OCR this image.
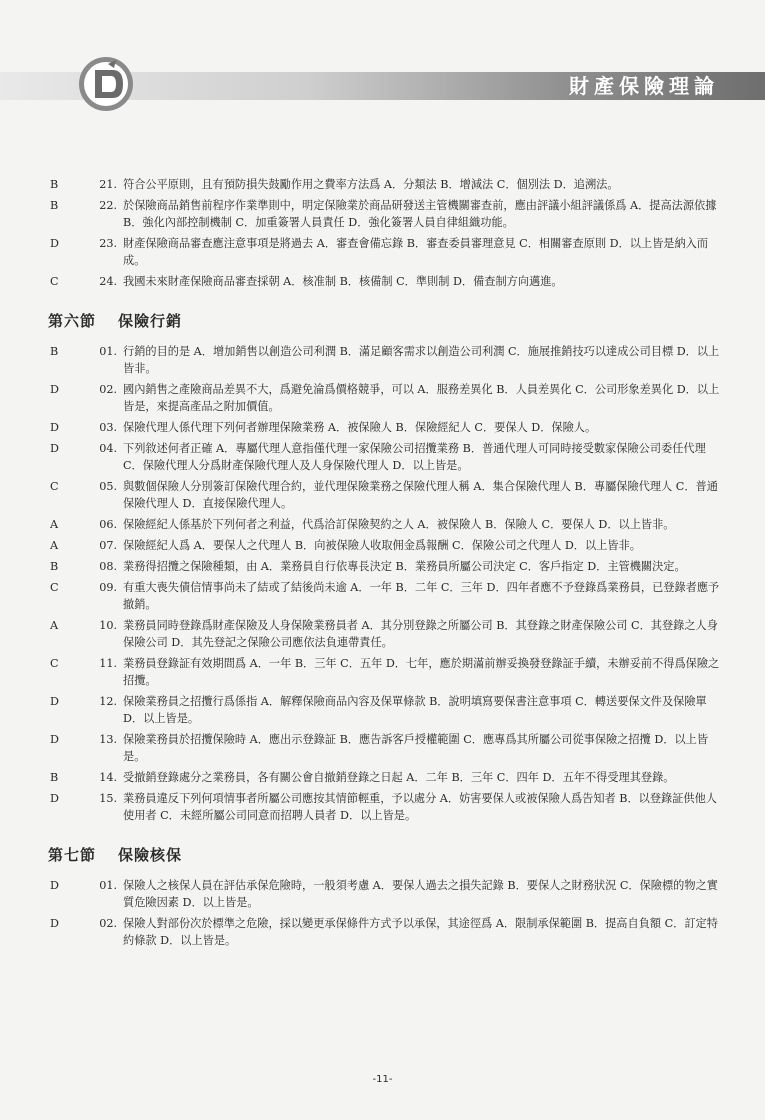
財產保險理論
B	21. 符合公平原則，且有預防損失鼓勵作用之費率方法爲 A．分類法 B．增減法 C．個別法 D．追溯法。
B	22. 於保險商品銷售前程序作業準則中，明定保險業於商品研發送主管機關審查前，應由評議小組評議係爲 A．提高法源依據 B．強化內部控制機制 C．加重簽署人員責任 D．強化簽署人員自律組織功能。
D	23. 財產保險商品審查應注意事項是將過去 A．審查會備忘錄 B．審查委員審理意見 C．相關審查原則 D．以上皆是納入而成。
C	24. 我國未來財產保險商品審查採朝 A．核准制 B．核備制 C．準則制 D．備查制方向邁進。
第六節 保險行銷
B	01. 行銷的目的是 A．增加銷售以創造公司利潤 B．滿足顧客需求以創造公司利潤 C．施展推銷技巧以達成公司目標 D．以上皆非。
D	02. 國內銷售之產險商品差異不大，爲避免淪爲價格競爭，可以 A．服務差異化 B．人員差異化 C．公司形象差異化 D．以上皆是，來提高產品之附加價值。
D	03. 保險代理人係代理下列何者辦理保險業務 A．被保險人 B．保險經紀人 C．要保人 D．保險人。
D	04. 下列敘述何者正確 A．專屬代理人意指僅代理一家保險公司招攬業務 B．普通代理人可同時接受數家保險公司委任代理 C．保險代理人分爲財產保險代理人及人身保險代理人 D．以上皆是。
C	05. 與數個保險人分別簽訂保險代理合約，並代理保險業務之保險代理人稱 A．集合保險代理人 B．專屬保險代理人 C．普通保險代理人 D．直接保險代理人。
A	06. 保險經紀人係基於下列何者之利益，代爲洽訂保險契約之人 A．被保險人 B．保險人 C．要保人 D．以上皆非。
A	07. 保險經紀人爲 A．要保人之代理人 B．向被保險人收取佣金爲報酬 C．保險公司之代理人 D．以上皆非。
B	08. 業務得招攬之保險種類，由 A．業務員自行依專長決定 B．業務員所屬公司決定 C．客戶指定 D．主管機關決定。
C	09. 有重大喪失債信情事尚未了結或了結後尚未逾 A．一年 B．二年 C．三年 D．四年者應不予登錄爲業務員，已登錄者應予撤銷。
A	10. 業務員同時登錄爲財產保險及人身保險業務員者 A．其分別登錄之所屬公司 B．其登錄之財產保險公司 C．其登錄之人身保險公司 D．其先登記之保險公司應依法負連帶責任。
C	11. 業務員登錄証有效期間爲 A．一年 B．三年 C．五年 D．七年，應於期滿前辦妥換發登錄証手續，未辦妥前不得爲保險之招攬。
D	12. 保險業務員之招攬行爲係指 A．解釋保險商品內容及保單條款 B．說明填寫要保書注意事項 C．轉送要保文件及保險單 D．以上皆是。
D	13. 保險業務員於招攬保險時 A．應出示登錄証 B．應告訴客戶授權範圍 C．應專爲其所屬公司從事保險之招攬 D．以上皆是。
B	14. 受撤銷登錄處分之業務員，各有關公會自撤銷登錄之日起 A．二年 B．三年 C．四年 D．五年不得受理其登錄。
D	15. 業務員違反下列何項情事者所屬公司應按其情節輕重，予以處分 A．妨害要保人或被保險人爲告知者 B．以登錄証供他人使用者 C．未經所屬公司同意而招聘人員者 D．以上皆是。
第七節 保險核保
D	01. 保險人之核保人員在評估承保危險時，一般須考慮 A．要保人過去之損失記錄 B．要保人之財務狀況 C．保險標的物之實質危險因素 D．以上皆是。
D	02. 保險人對部份次於標準之危險，採以變更承保條件方式予以承保，其途徑爲 A．限制承保範圍 B．提高自負額 C．訂定特約條款 D．以上皆是。
-11-
